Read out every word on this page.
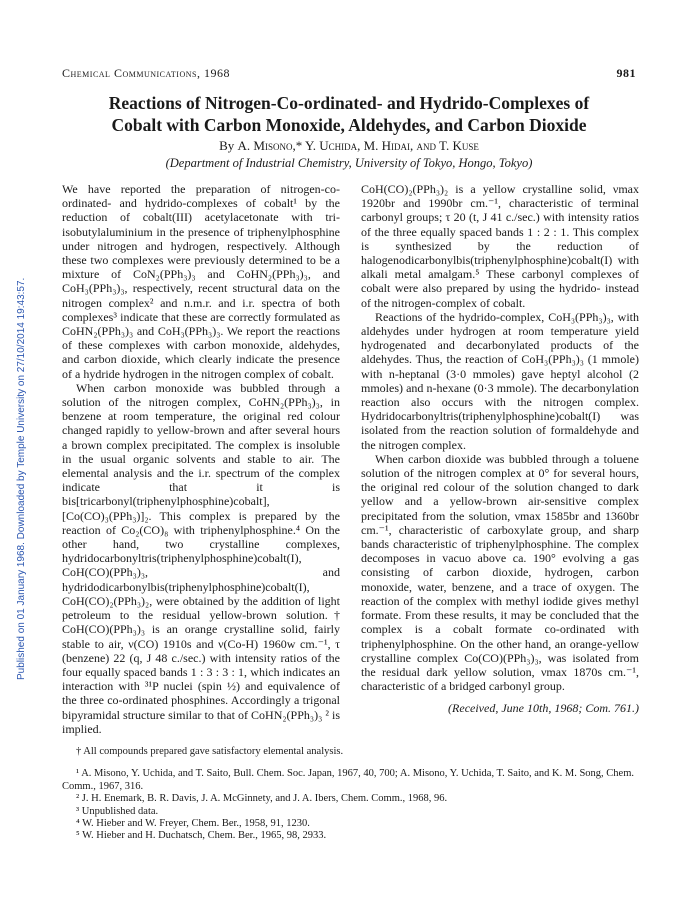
Published on 01 January 1968. Downloaded by Temple University on 27/10/2014 19:43:57.
Chemical Communications, 1968	981
Reactions of Nitrogen-Co-ordinated- and Hydrido-Complexes of
Cobalt with Carbon Monoxide, Aldehydes, and Carbon Dioxide
By A. Misono,* Y. Uchida, M. Hidai, and T. Kuse
(Department of Industrial Chemistry, University of Tokyo, Hongo, Tokyo)

We have reported the preparation of nitrogen-co-ordinated- and hydrido-complexes of cobalt¹ by the reduction of cobalt(III) acetylacetonate with tri-isobutylaluminium in the presence of triphenylphosphine under nitrogen and hydrogen, respectively. Although these two complexes were previously determined to be a mixture of CoN₂(PPh₃)₃ and CoHN₂(PPh₃)₃, and CoH₃(PPh₃)₃, respectively, recent structural data on the nitrogen complex² and n.m.r. and i.r. spectra of both complexes³ indicate that these are correctly formulated as CoHN₂(PPh₃)₃ and CoH₃(PPh₃)₃. We report the reactions of these complexes with carbon monoxide, aldehydes, and carbon dioxide, which clearly indicate the presence of a hydride hydrogen in the nitrogen complex of cobalt.

When carbon monoxide was bubbled through a solution of the nitrogen complex, CoHN₂(PPh₃)₃, in benzene at room temperature, the original red colour changed rapidly to yellow-brown and after several hours a brown complex precipitated. The complex is insoluble in the usual organic solvents and stable to air. The elemental analysis and the i.r. spectrum of the complex indicate that it is bis[tricarbonyl(triphenylphosphine)cobalt], [Co(CO)₃(PPh₃)]₂. This complex is prepared by the reaction of Co₂(CO)₈ with triphenylphosphine.⁴ On the other hand, two crystalline complexes, hydridocarbonyltris(triphenylphosphine)cobalt(I), CoH(CO)(PPh₃)₃, and hydridodicarbonylbis(triphenylphosphine)cobalt(I), CoH(CO)₂(PPh₃)₂, were obtained by the addition of light petroleum to the residual yellow-brown solution.† CoH(CO)(PPh₃)₃ is an orange crystalline solid, fairly stable to air, ν(CO) 1910s and ν(Co-H) 1960w cm.⁻¹, τ (benzene) 22 (q, J 48 c./sec.) with intensity ratios of the four equally spaced bands 1 : 3 : 3 : 1, which indicates an interaction with ³¹P nuclei (spin ½) and equivalence of the three co-ordinated phosphines. Accordingly a trigonal bipyramidal structure similar to that of CoHN₂(PPh₃)₃ ² is implied.

CoH(CO)₂(PPh₃)₂ is a yellow crystalline solid, νmax 1920br and 1990br cm.⁻¹, characteristic of terminal carbonyl groups; τ 20 (t, J 41 c./sec.) with intensity ratios of the three equally spaced bands 1 : 2 : 1. This complex is synthesized by the reduction of halogenodicarbonylbis(triphenylphosphine)cobalt(I) with alkali metal amalgam.⁵ These carbonyl complexes of cobalt were also prepared by using the hydrido- instead of the nitrogen-complex of cobalt.

Reactions of the hydrido-complex, CoH₃(PPh₃)₃, with aldehydes under hydrogen at room temperature yield hydrogenated and decarbonylated products of the aldehydes. Thus, the reaction of CoH₃(PPh₃)₃ (1 mmole) with n-heptanal (3·0 mmoles) gave heptyl alcohol (2 mmoles) and n-hexane (0·3 mmole). The decarbonylation reaction also occurs with the nitrogen complex. Hydridocarbonyltris(triphenylphosphine)cobalt(I) was isolated from the reaction solution of formaldehyde and the nitrogen complex.

When carbon dioxide was bubbled through a toluene solution of the nitrogen complex at 0° for several hours, the original red colour of the solution changed to dark yellow and a yellow-brown air-sensitive complex precipitated from the solution, νmax 1585br and 1360br cm.⁻¹, characteristic of carboxylate group, and sharp bands characteristic of triphenylphosphine. The complex decomposes in vacuo above ca. 190° evolving a gas consisting of carbon dioxide, hydrogen, carbon monoxide, water, benzene, and a trace of oxygen. The reaction of the complex with methyl iodide gives methyl formate. From these results, it may be concluded that the complex is a cobalt formate co-ordinated with triphenylphosphine. On the other hand, an orange-yellow crystalline complex Co(CO)(PPh₃)₃, was isolated from the residual dark yellow solution, νmax 1870s cm.⁻¹, characteristic of a bridged carbonyl group.

(Received, June 10th, 1968; Com. 761.)
† All compounds prepared gave satisfactory elemental analysis.
¹ A. Misono, Y. Uchida, and T. Saito, Bull. Chem. Soc. Japan, 1967, 40, 700; A. Misono, Y. Uchida, T. Saito, and K. M. Song, Chem. Comm., 1967, 316.
² J. H. Enemark, B. R. Davis, J. A. McGinnety, and J. A. Ibers, Chem. Comm., 1968, 96.
³ Unpublished data.
⁴ W. Hieber and W. Freyer, Chem. Ber., 1958, 91, 1230.
⁵ W. Hieber and H. Duchatsch, Chem. Ber., 1965, 98, 2933.
